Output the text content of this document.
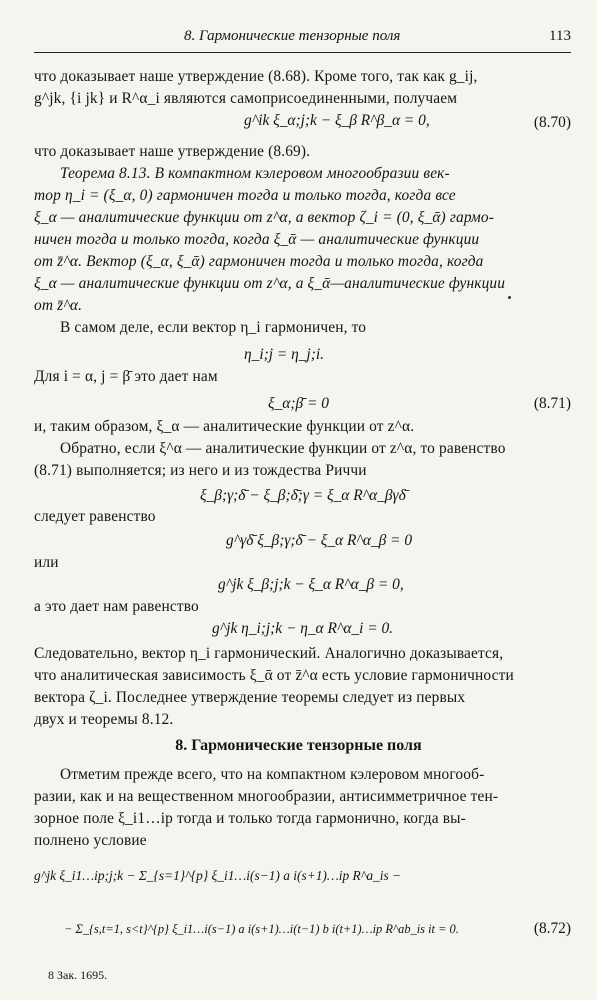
8. Гармонические тензорные поля	113
что доказывает наше утверждение (8.68). Кроме того, так как g_ij,
g^jk, {i jk} и R^α_i являются самоприсоединенными, получаем
g^ik ξ_α;j;k − ξ_β R^β_α = 0,	(8.70)
что доказывает наше утверждение (8.69).
Теорема 8.13. В компактном кэлеровом многообразии век-
тор η_i = (ξ_α, 0) гармоничен тогда и только тогда, когда все
ξ_α — аналитические функции от z^α, а вектор ζ_i = (0, ξ_ᾱ) гармо-
ничен тогда и только тогда, когда ξ_ᾱ — аналитические функции
от z̄^α. Вектор (ξ_α, ξ_ᾱ) гармоничен тогда и только тогда, когда
ξ_α — аналитические функции от z^α, а ξ_ᾱ—аналитические функции
от z̄^α.
В самом деле, если вектор η_i гармоничен, то
η_i;j = η_j;i.
Для i = α, j = β̄ это дает нам
ξ_α;β̄ = 0	(8.71)
и, таким образом, ξ_α — аналитические функции от z^α.
Обратно, если ξ^α — аналитические функции от z^α, то равенство
(8.71) выполняется; из него и из тождества Риччи
ξ_β;γ;δ̄ − ξ_β;δ̄;γ = ξ_α R^α_βγδ̄
следует равенство
g^γδ̄ ξ_β;γ;δ̄ − ξ_α R^α_β = 0
или
g^jk ξ_β;j;k − ξ_α R^α_β = 0,
а это дает нам равенство
g^jk η_i;j;k − η_α R^α_i = 0.
Следовательно, вектор η_i гармонический. Аналогично доказывается,
что аналитическая зависимость ξ_ᾱ от z̄^α есть условие гармоничности
вектора ζ_i. Последнее утверждение теоремы следует из первых
двух и теоремы 8.12.
8. Гармонические тензорные поля
Отметим прежде всего, что на компактном кэлеровом многооб-
разии, как и на вещественном многообразии, антисимметричное тен-
зорное поле ξ_i1…ip тогда и только тогда гармонично, когда вы-
полнено условие
g^jk ξ_i1…ip;j;k − Σ_{s=1}^{p} ξ_i1…i(s−1) a i(s+1)…ip R^a_is −
− Σ_{s,t=1, s<t}^{p} ξ_i1…i(s−1) a i(s+1)…i(t−1) b i(t+1)…ip R^ab_is it = 0.	(8.72)
8 Зак. 1695.
